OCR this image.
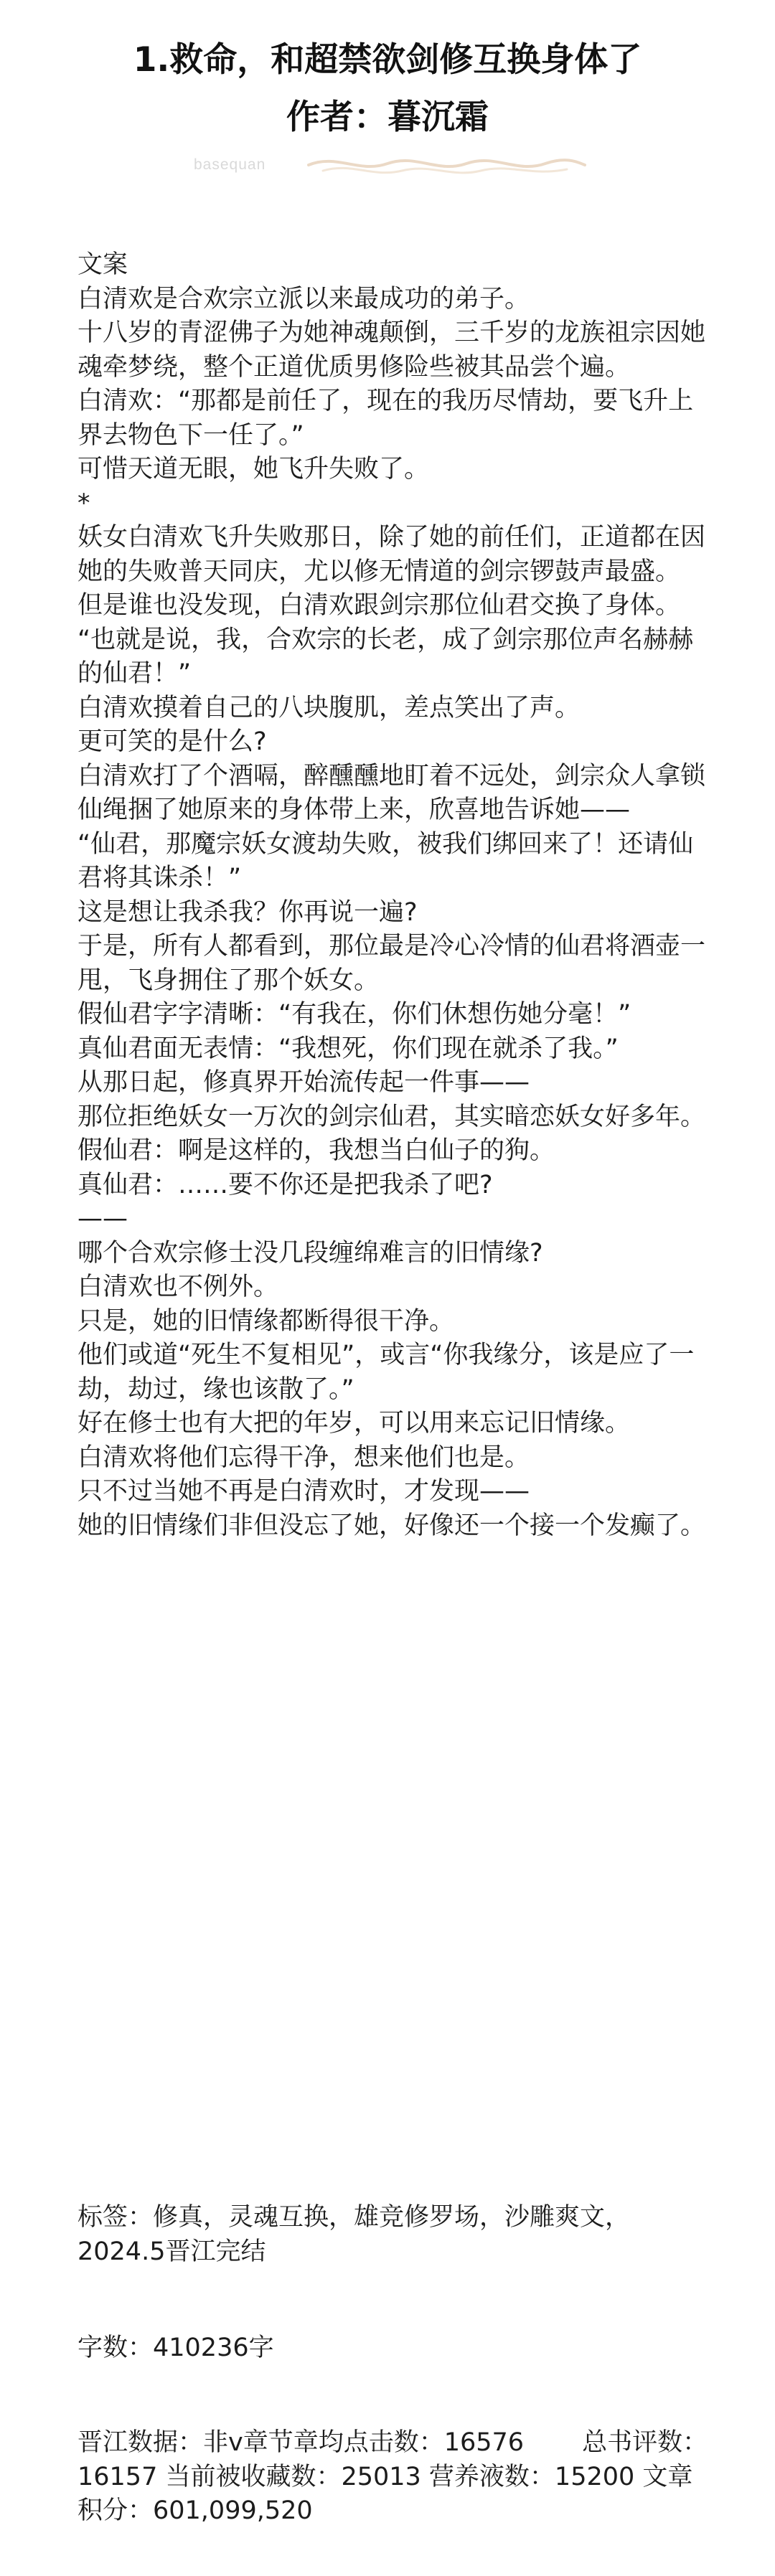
1.救命，和超禁欲剑修互换身体了
作者：暮沉霜
basequan

文案

白清欢是合欢宗立派以来最成功的弟子。

十八岁的青涩佛子为她神魂颠倒，三千岁的龙族祖宗因她魂牵梦绕，整个正道优质男修险些被其品尝个遍。

白清欢：“那都是前任了，现在的我历尽情劫，要飞升上界去物色下一任了。”

可惜天道无眼，她飞升失败了。

*

妖女白清欢飞升失败那日，除了她的前任们，正道都在因她的失败普天同庆，尤以修无情道的剑宗锣鼓声最盛。

但是谁也没发现，白清欢跟剑宗那位仙君交换了身体。

“也就是说，我，合欢宗的长老，成了剑宗那位声名赫赫的仙君！”

白清欢摸着自己的八块腹肌，差点笑出了声。

更可笑的是什么?

白清欢打了个酒嗝，醉醺醺地盯着不远处，剑宗众人拿锁仙绳捆了她原来的身体带上来，欣喜地告诉她——

“仙君，那魔宗妖女渡劫失败，被我们绑回来了！还请仙君将其诛杀！”

这是想让我杀我？你再说一遍?

于是，所有人都看到，那位最是冷心冷情的仙君将酒壶一甩，飞身拥住了那个妖女。

假仙君字字清晰：“有我在，你们休想伤她分毫！”

真仙君面无表情：“我想死，你们现在就杀了我。”

从那日起，修真界开始流传起一件事——

那位拒绝妖女一万次的剑宗仙君，其实暗恋妖女好多年。

假仙君：啊是这样的，我想当白仙子的狗。

真仙君：……要不你还是把我杀了吧?

——

哪个合欢宗修士没几段缠绵难言的旧情缘?

白清欢也不例外。

只是，她的旧情缘都断得很干净。

他们或道“死生不复相见”，或言“你我缘分，该是应了一劫，劫过，缘也该散了。”

好在修士也有大把的年岁，可以用来忘记旧情缘。

白清欢将他们忘得干净，想来他们也是。

只不过当她不再是白清欢时，才发现——

她的旧情缘们非但没忘了她，好像还一个接一个发癫了。

标签：修真，灵魂互换，雄竞修罗场，沙雕爽文，2024.5晋江完结

字数：410236字

晋江数据：非v章节章均点击数：16576　　 总书评数：16157 当前被收藏数：25013 营养液数：15200 文章积分：601,099,520
